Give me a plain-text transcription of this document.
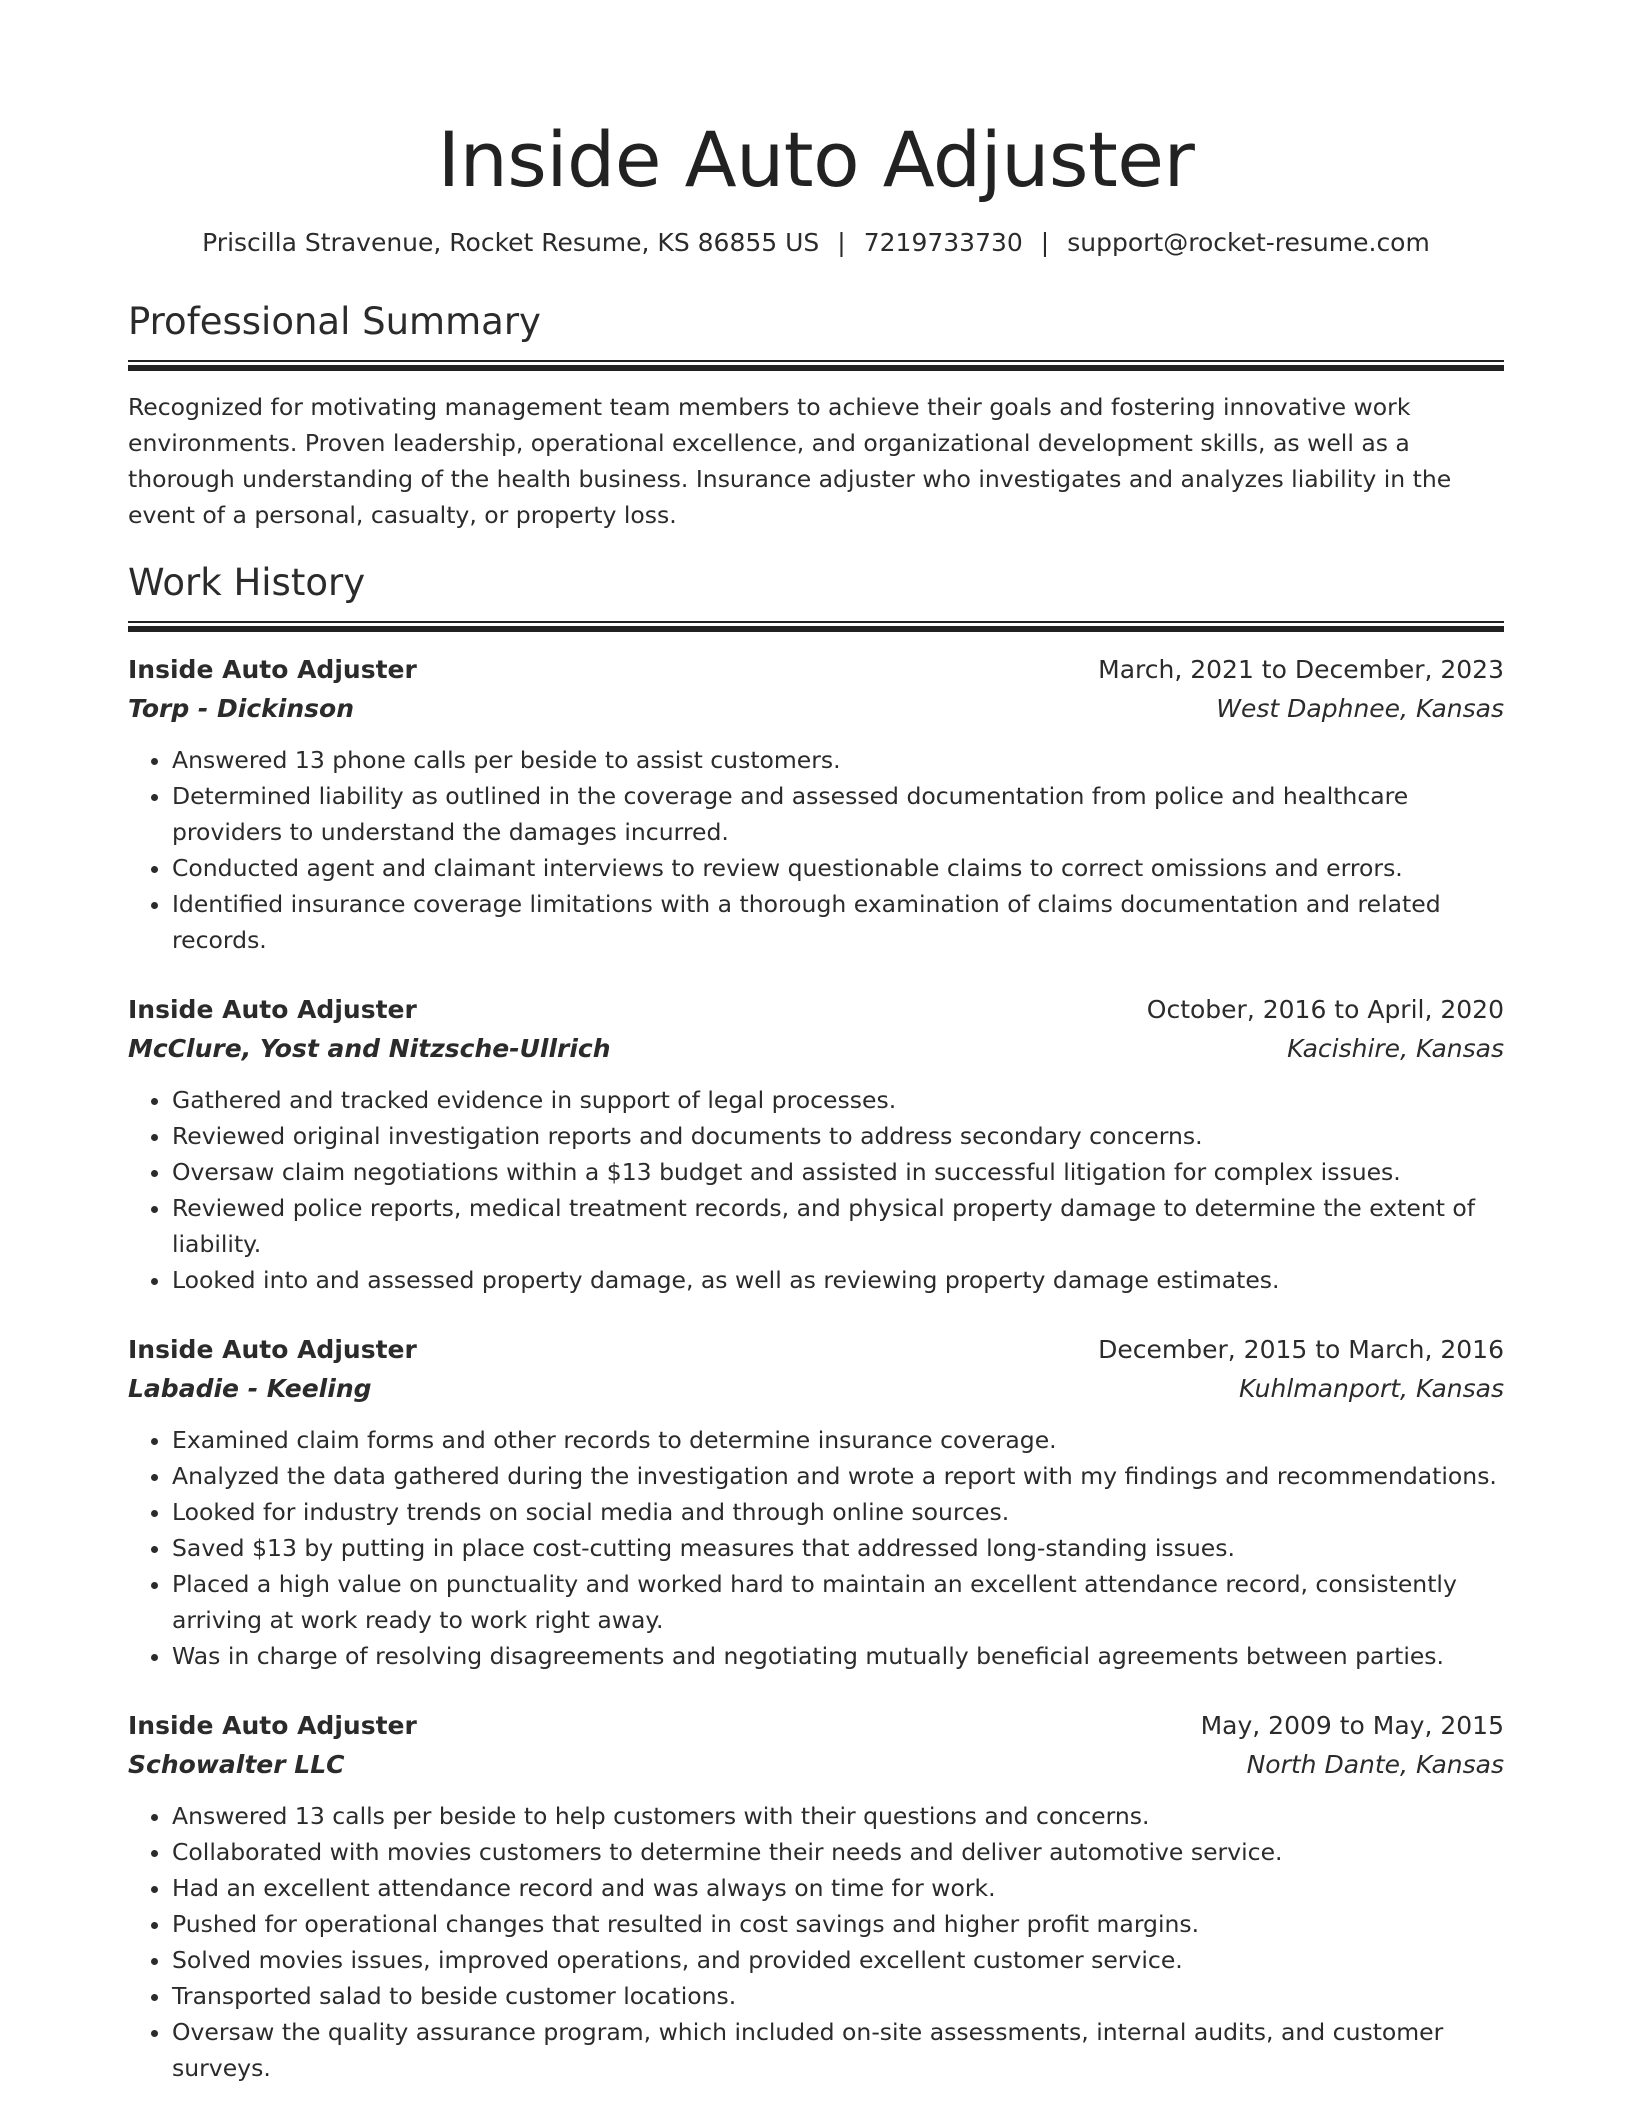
Inside Auto Adjuster
Priscilla Stravenue, Rocket Resume, KS 86855 US | 7219733730 | support@rocket-resume.com
Professional Summary

Recognized for motivating management team members to achieve their goals and fostering innovative work environments. Proven leadership, operational excellence, and organizational development skills, as well as a thorough understanding of the health business. Insurance adjuster who investigates and analyzes liability in the event of a personal, casualty, or property loss.

Work History
Inside Auto Adjuster	March, 2021 to December, 2023
Torp - Dickinson	West Daphnee, Kansas
• Answered 13 phone calls per beside to assist customers.
• Determined liability as outlined in the coverage and assessed documentation from police and healthcare providers to understand the damages incurred.
• Conducted agent and claimant interviews to review questionable claims to correct omissions and errors.
• Identified insurance coverage limitations with a thorough examination of claims documentation and related records.
Inside Auto Adjuster	October, 2016 to April, 2020
McClure, Yost and Nitzsche-Ullrich	Kacishire, Kansas
• Gathered and tracked evidence in support of legal processes.
• Reviewed original investigation reports and documents to address secondary concerns.
• Oversaw claim negotiations within a $13 budget and assisted in successful litigation for complex issues.
• Reviewed police reports, medical treatment records, and physical property damage to determine the extent of liability.
• Looked into and assessed property damage, as well as reviewing property damage estimates.
Inside Auto Adjuster	December, 2015 to March, 2016
Labadie - Keeling	Kuhlmanport, Kansas
• Examined claim forms and other records to determine insurance coverage.
• Analyzed the data gathered during the investigation and wrote a report with my findings and recommendations.
• Looked for industry trends on social media and through online sources.
• Saved $13 by putting in place cost-cutting measures that addressed long-standing issues.
• Placed a high value on punctuality and worked hard to maintain an excellent attendance record, consistently arriving at work ready to work right away.
• Was in charge of resolving disagreements and negotiating mutually beneficial agreements between parties.
Inside Auto Adjuster	May, 2009 to May, 2015
Schowalter LLC	North Dante, Kansas
• Answered 13 calls per beside to help customers with their questions and concerns.
• Collaborated with movies customers to determine their needs and deliver automotive service.
• Had an excellent attendance record and was always on time for work.
• Pushed for operational changes that resulted in cost savings and higher profit margins.
• Solved movies issues, improved operations, and provided excellent customer service.
• Transported salad to beside customer locations.
• Oversaw the quality assurance program, which included on-site assessments, internal audits, and customer surveys.
